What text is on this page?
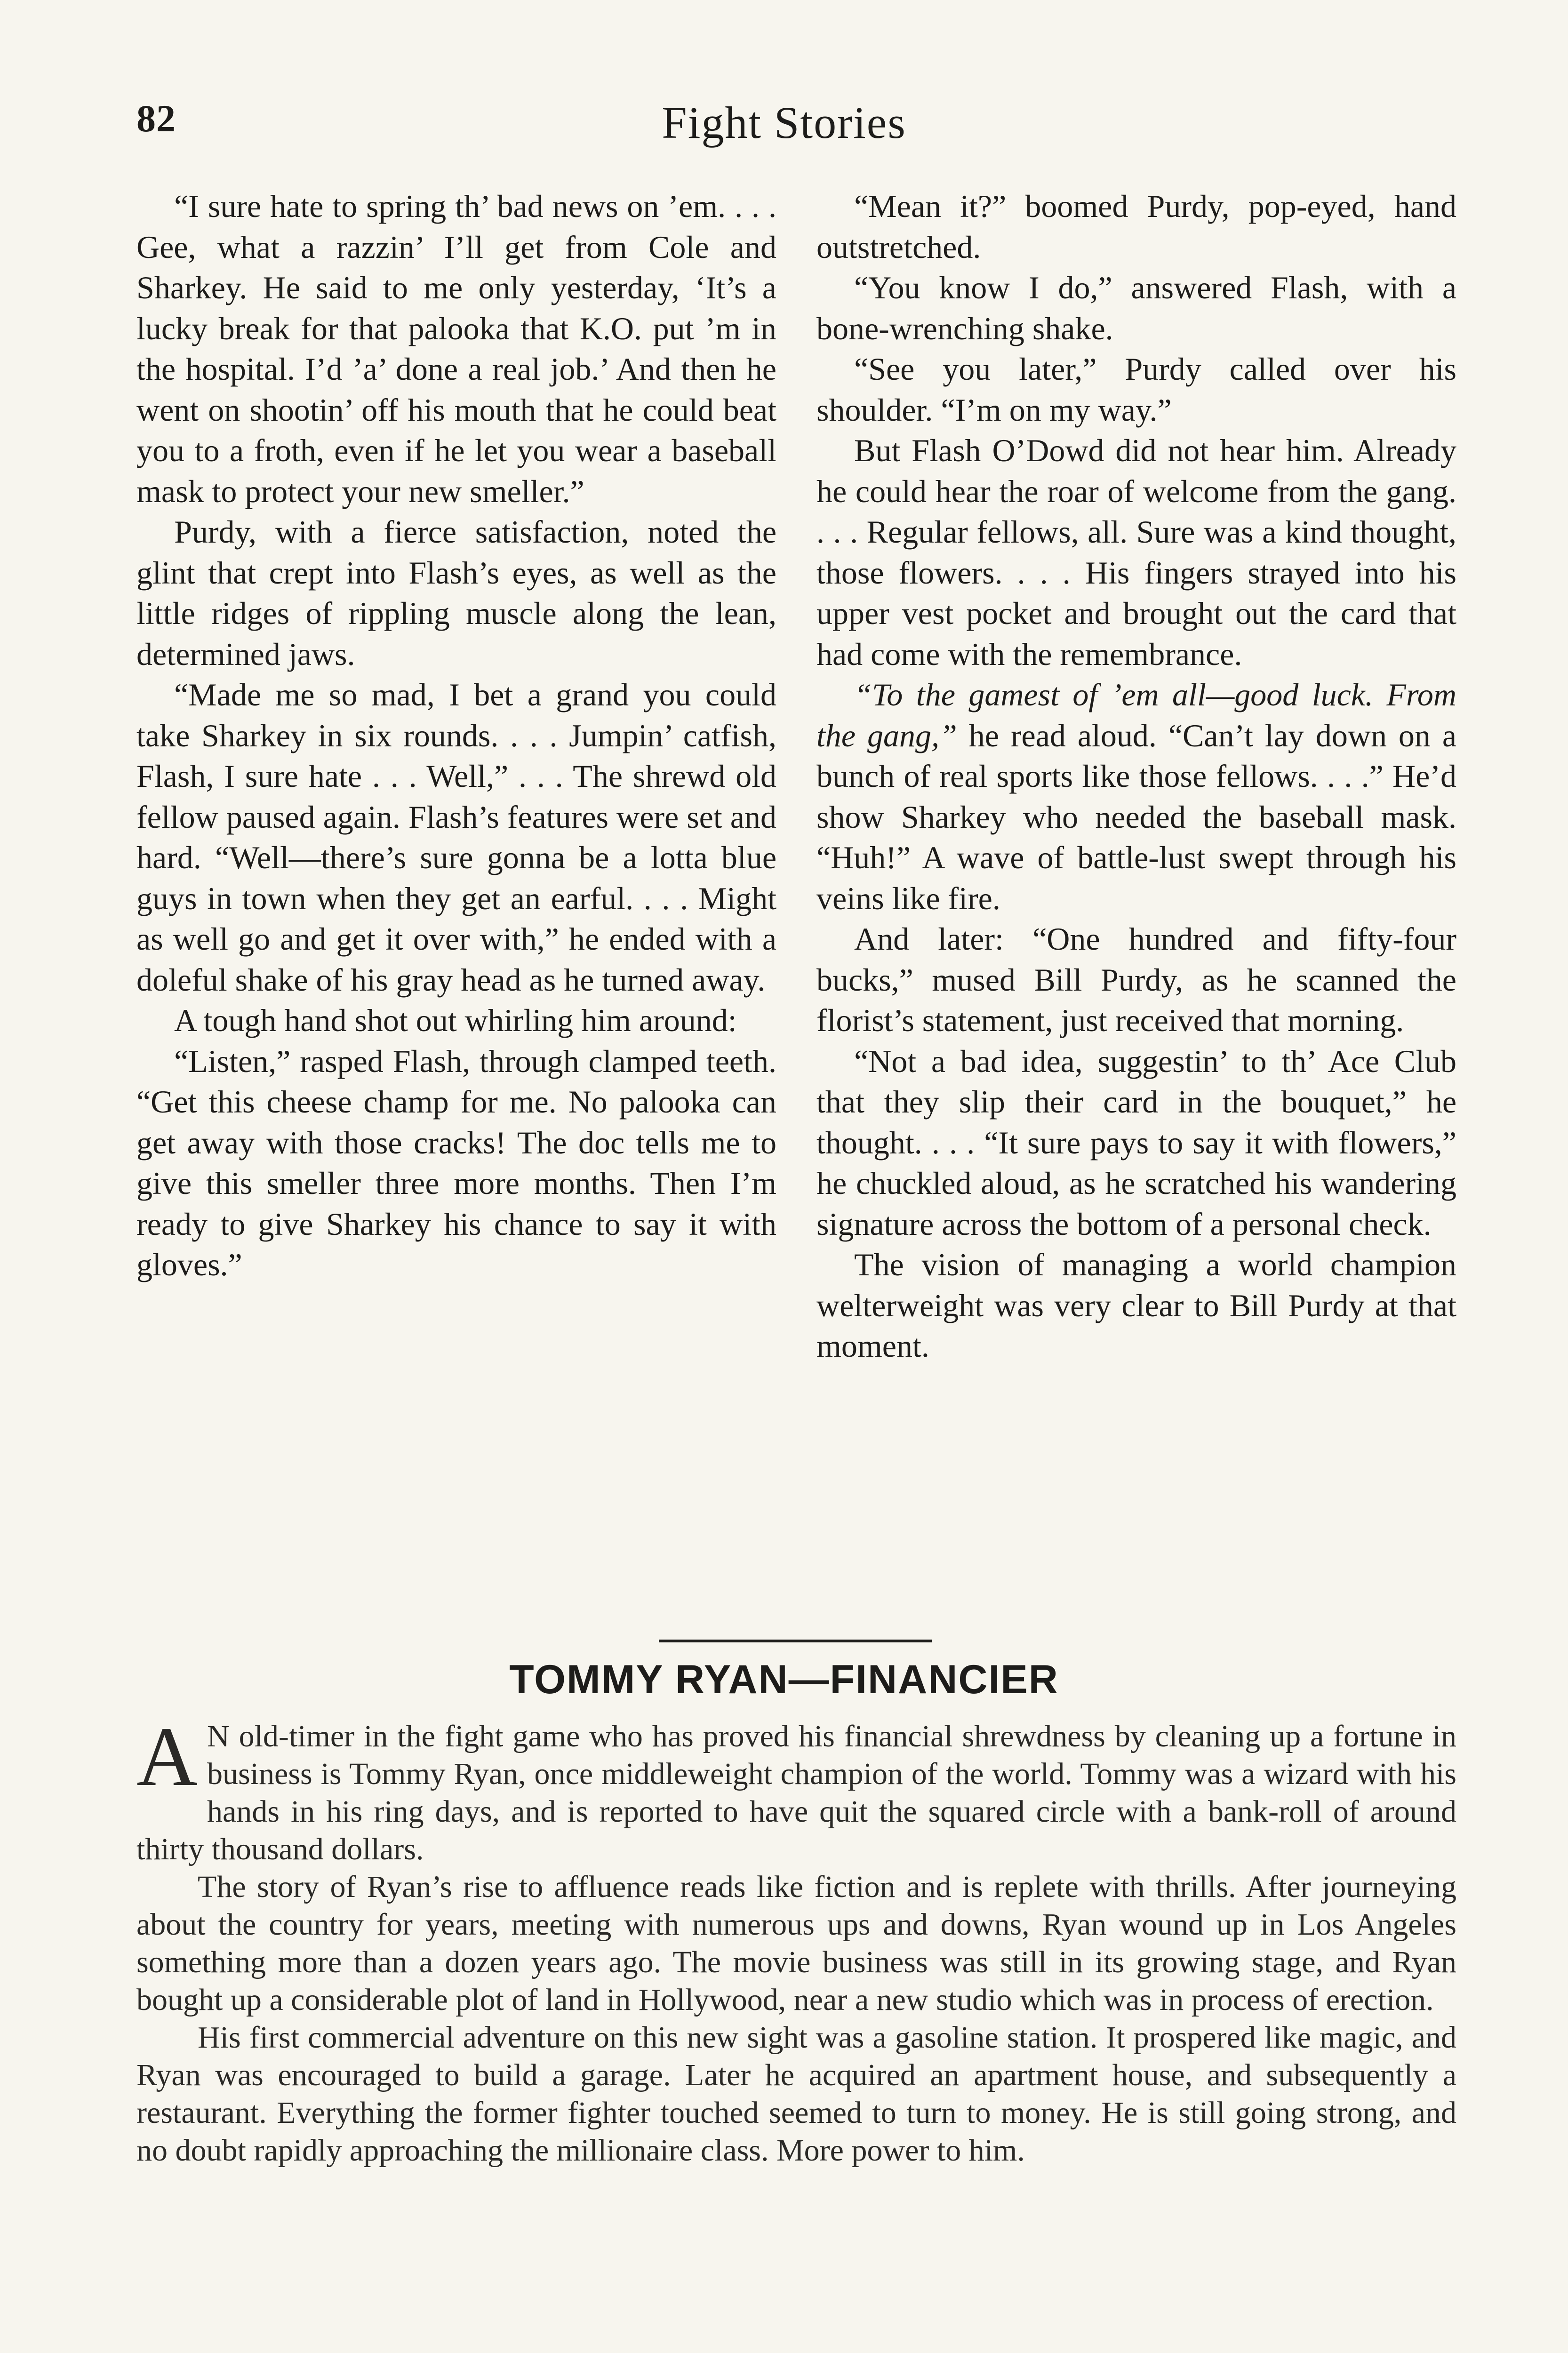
82	Fight Stories

“I sure hate to spring th’ bad news on ’em. . . . Gee, what a razzin’ I’ll get from Cole and Sharkey. He said to me only yesterday, ‘It’s a lucky break for that palooka that K.O. put ’m in the hospital. I’d ’a’ done a real job.’ And then he went on shootin’ off his mouth that he could beat you to a froth, even if he let you wear a baseball mask to protect your new smeller.”

Purdy, with a fierce satisfaction, noted the glint that crept into Flash’s eyes, as well as the little ridges of rippling muscle along the lean, determined jaws.

“Made me so mad, I bet a grand you could take Sharkey in six rounds. . . . Jumpin’ catfish, Flash, I sure hate . . . Well,” . . . The shrewd old fellow paused again. Flash’s features were set and hard. “Well—there’s sure gonna be a lotta blue guys in town when they get an earful. . . . Might as well go and get it over with,” he ended with a doleful shake of his gray head as he turned away.

A tough hand shot out whirling him around:

“Listen,” rasped Flash, through clamped teeth. “Get this cheese champ for me. No palooka can get away with those cracks! The doc tells me to give this smeller three more months. Then I’m ready to give Sharkey his chance to say it with gloves.”

“Mean it?” boomed Purdy, pop-eyed, hand outstretched.

“You know I do,” answered Flash, with a bone-wrenching shake.

“See you later,” Purdy called over his shoulder. “I’m on my way.”

But Flash O’Dowd did not hear him. Already he could hear the roar of welcome from the gang. . . . Regular fellows, all. Sure was a kind thought, those flowers. . . . His fingers strayed into his upper vest pocket and brought out the card that had come with the remembrance.

“To the gamest of ’em all—good luck. From the gang,” he read aloud. “Can’t lay down on a bunch of real sports like those fellows. . . .” He’d show Sharkey who needed the baseball mask. “Huh!” A wave of battle-lust swept through his veins like fire.

And later: “One hundred and fifty-four bucks,” mused Bill Purdy, as he scanned the florist’s statement, just received that morning.

“Not a bad idea, suggestin’ to th’ Ace Club that they slip their card in the bouquet,” he thought. . . . “It sure pays to say it with flowers,” he chuckled aloud, as he scratched his wandering signature across the bottom of a personal check.

The vision of managing a world champion welterweight was very clear to Bill Purdy at that moment.

TOMMY RYAN—FINANCIER

A N old-timer in the fight game who has proved his financial shrewdness by cleaning up a fortune in business is Tommy Ryan, once middleweight champion of the world. Tommy was a wizard with his hands in his ring days, and is reported to have quit the squared circle with a bank-roll of around thirty thousand dollars.

The story of Ryan’s rise to affluence reads like fiction and is replete with thrills. After journeying about the country for years, meeting with numerous ups and downs, Ryan wound up in Los Angeles something more than a dozen years ago. The movie business was still in its growing stage, and Ryan bought up a considerable plot of land in Hollywood, near a new studio which was in process of erection.

His first commercial adventure on this new sight was a gasoline station. It prospered like magic, and Ryan was encouraged to build a garage. Later he acquired an apartment house, and subsequently a restaurant. Everything the former fighter touched seemed to turn to money. He is still going strong, and no doubt rapidly approaching the millionaire class. More power to him.
